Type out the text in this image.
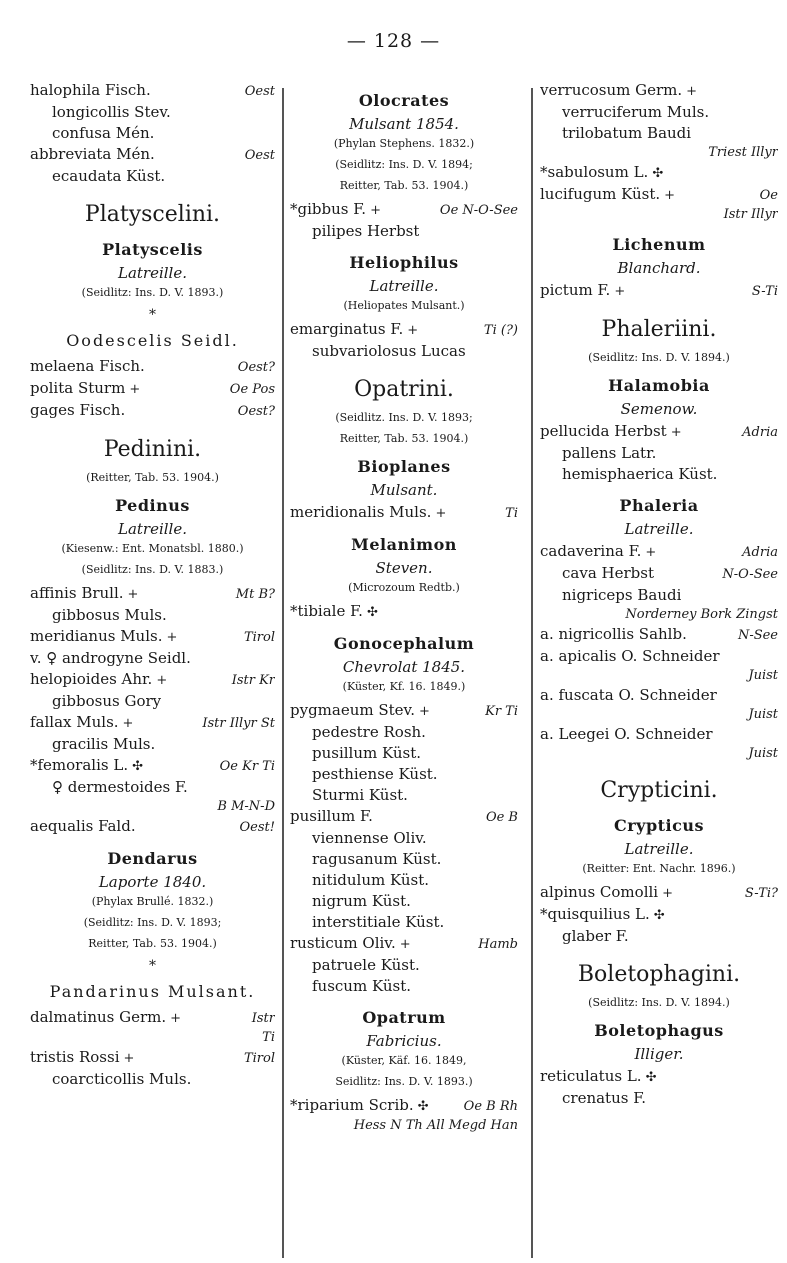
— 128 —
halophila Fisch.	Oest
longicollis Stev.
confusa Mén.
abbreviata Mén.	Oest
ecaudata Küst.
Platyscelini.
Platyscelis
Latreille.
(Seidlitz: Ins. D. V. 1893.)
*
Oodescelis Seidl.
melaena Fisch.	Oest?
polita Sturm +	Oe Pos
gages Fisch.	Oest?
Pedinini.
(Reitter, Tab. 53. 1904.)
Pedinus
Latreille.
(Kiesenw.: Ent. Monatsbl. 1880.)
(Seidlitz: Ins. D. V. 1883.)
affinis Brull. +	Mt B?
gibbosus Muls.
meridianus Muls. +	Tirol
v. ♀ androgyne Seidl.
helopioides Ahr. +	Istr Kr
gibbosus Gory
fallax Muls. +	Istr Illyr St
gracilis Muls.
*femoralis L. ✣	Oe Kr Ti
♀ dermestoides F.
B M-N-D
aequalis Fald.	Oest!
Dendarus
Laporte 1840.
(Phylax Brullé. 1832.)
(Seidlitz: Ins. D. V. 1893;
Reitter, Tab. 53. 1904.)
*
Pandarinus Mulsant.
dalmatinus Germ. +	Istr
Ti
tristis Rossi +	Tirol
coarcticollis Muls.
Olocrates
Mulsant 1854.
(Phylan Stephens. 1832.)
(Seidlitz: Ins. D. V. 1894;
Reitter, Tab. 53. 1904.)
*gibbus F. +	Oe N-O-See
pilipes Herbst
Heliophilus
Latreille.
(Heliopates Mulsant.)
emarginatus F. +	Ti (?)
subvariolosus Lucas
Opatrini.
(Seidlitz. Ins. D. V. 1893;
Reitter, Tab. 53. 1904.)
Bioplanes
Mulsant.
meridionalis Muls. +	Ti
Melanimon
Steven.
(Microzoum Redtb.)
*tibiale F. ✣
Gonocephalum
Chevrolat 1845.
(Küster, Kf. 16. 1849.)
pygmaeum Stev. +	Kr Ti
pedestre Rosh.
pusillum Küst.
pesthiense Küst.
Sturmi Küst.
pusillum F.	Oe B
viennense Oliv.
ragusanum Küst.
nitidulum Küst.
nigrum Küst.
interstitiale Küst.
rusticum Oliv. +	Hamb
patruele Küst.
fuscum Küst.
Opatrum
Fabricius.
(Küster, Käf. 16. 1849,
Seidlitz: Ins. D. V. 1893.)
*riparium Scrib. ✣	Oe B Rh
Hess N Th All Megd Han
verrucosum Germ. +
verruciferum Muls.
trilobatum Baudi
Triest Illyr
*sabulosum L. ✣
lucifugum Küst. +	Oe
Istr Illyr
Lichenum
Blanchard.
pictum F. +	S-Ti
Phaleriini.
(Seidlitz: Ins. D. V. 1894.)
Halamobia
Semenow.
pellucida Herbst +	Adria
pallens Latr.
hemisphaerica Küst.
Phaleria
Latreille.
cadaverina F. +	Adria
cava Herbst	N-O-See
nigriceps Baudi
Norderney Bork Zingst
a. nigricollis Sahlb.	N-See
a. apicalis O. Schneider
Juist
a. fuscata O. Schneider
Juist
a. Leegei O. Schneider
Juist
Crypticini.
Crypticus
Latreille.
(Reitter: Ent. Nachr. 1896.)
alpinus Comolli +	S-Ti?
*quisquilius L. ✣
glaber F.
Boletophagini.
(Seidlitz: Ins. D. V. 1894.)
Boletophagus
Illiger.
reticulatus L. ✣
crenatus F.
